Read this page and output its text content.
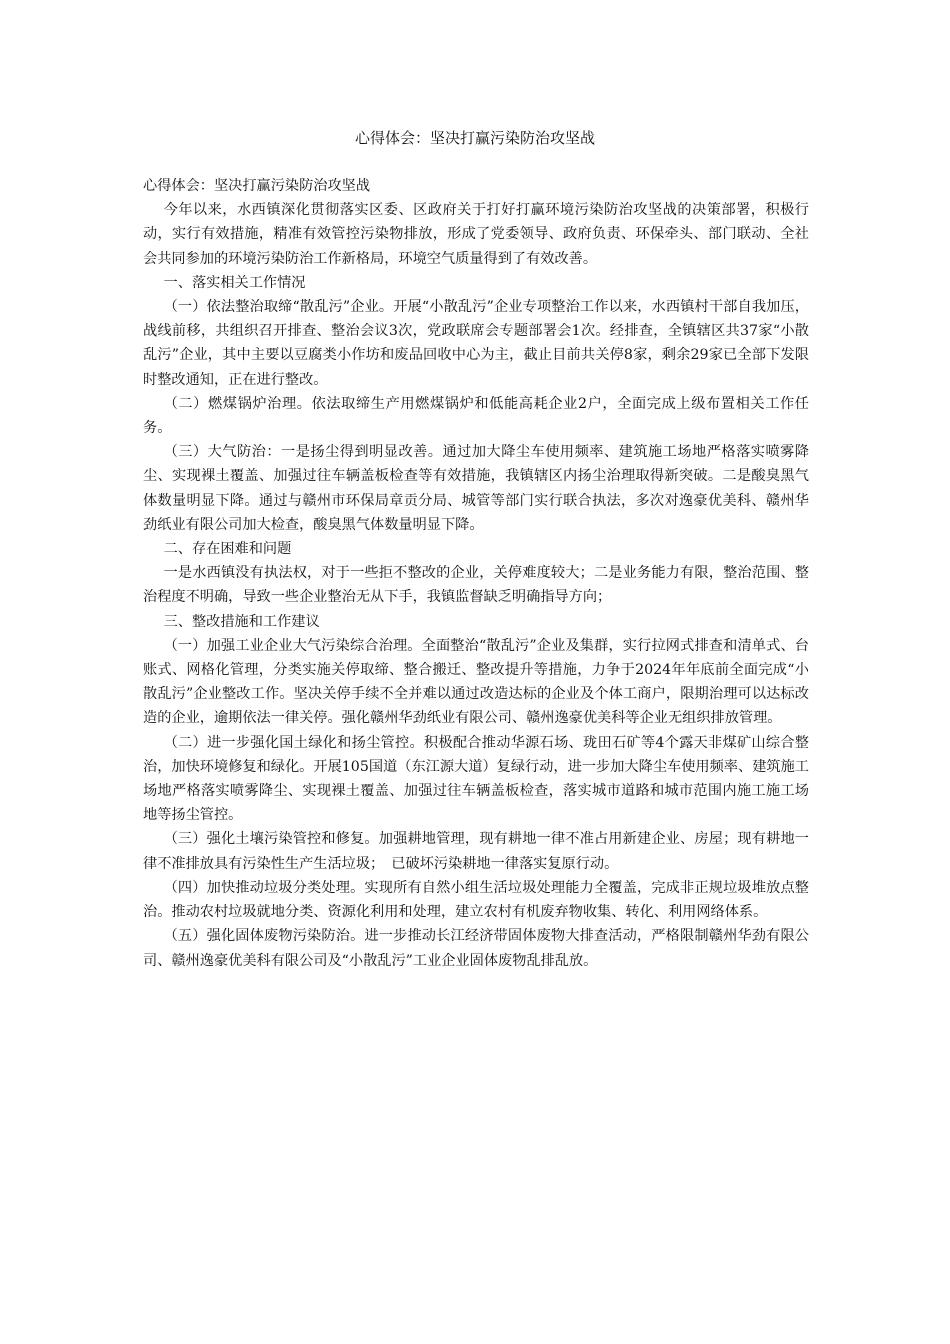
心得体会：坚决打赢污染防治攻坚战

心得体会：坚决打赢污染防治攻坚战

今年以来，水西镇深化贯彻落实区委、区政府关于打好打赢环境污染防治攻坚战的决策部署，积极行动，实行有效措施，精准有效管控污染物排放，形成了党委领导、政府负责、环保牵头、部门联动、全社会共同参加的环境污染防治工作新格局，环境空气质量得到了有效改善。

一、落实相关工作情况

（一）依法整治取缔“散乱污”企业。开展“小散乱污”企业专项整治工作以来，水西镇村干部自我加压，战线前移，共组织召开排查、整治会议3次，党政联席会专题部署会1次。经排查，全镇辖区共37家“小散乱污”企业，其中主要以豆腐类小作坊和废品回收中心为主，截止目前共关停8家，剩余29家已全部下发限时整改通知，正在进行整改。

（二）燃煤锅炉治理。依法取缔生产用燃煤锅炉和低能高耗企业2户，全面完成上级布置相关工作任务。

（三）大气防治：一是扬尘得到明显改善。通过加大降尘车使用频率、建筑施工场地严格落实喷雾降尘、实现裸土覆盖、加强过往车辆盖板检查等有效措施，我镇辖区内扬尘治理取得新突破。二是酸臭黑气体数量明显下降。通过与赣州市环保局章贡分局、城管等部门实行联合执法，多次对逸豪优美科、赣州华劲纸业有限公司加大检查，酸臭黑气体数量明显下降。

二、存在困难和问题

一是水西镇没有执法权，对于一些拒不整改的企业，关停难度较大；二是业务能力有限，整治范围、整治程度不明确，导致一些企业整治无从下手，我镇监督缺乏明确指导方向；

三、整改措施和工作建议

（一）加强工业企业大气污染综合治理。全面整治“散乱污”企业及集群，实行拉网式排查和清单式、台账式、网格化管理，分类实施关停取缔、整合搬迁、整改提升等措施，力争于2024年年底前全面完成“小散乱污”企业整改工作。坚决关停手续不全并难以通过改造达标的企业及个体工商户，限期治理可以达标改造的企业，逾期依法一律关停。强化赣州华劲纸业有限公司、赣州逸豪优美科等企业无组织排放管理。

（二）进一步强化国土绿化和扬尘管控。积极配合推动华源石场、珑田石矿等4个露天非煤矿山综合整治，加快环境修复和绿化。开展105国道（东江源大道）复绿行动，进一步加大降尘车使用频率、建筑施工场地严格落实喷雾降尘、实现裸土覆盖、加强过往车辆盖板检查，落实城市道路和城市范围内施工施工场地等扬尘管控。

（三）强化土壤污染管控和修复。加强耕地管理，现有耕地一律不准占用新建企业、房屋；现有耕地一律不准排放具有污染性生产生活垃圾；　已破坏污染耕地一律落实复原行动。

（四）加快推动垃圾分类处理。实现所有自然小组生活垃圾处理能力全覆盖，完成非正规垃圾堆放点整治。推动农村垃圾就地分类、资源化利用和处理，建立农村有机废弃物收集、转化、利用网络体系。

（五）强化固体废物污染防治。进一步推动长江经济带固体废物大排查活动，严格限制赣州华劲有限公司、赣州逸豪优美科有限公司及“小散乱污”工业企业固体废物乱排乱放。
